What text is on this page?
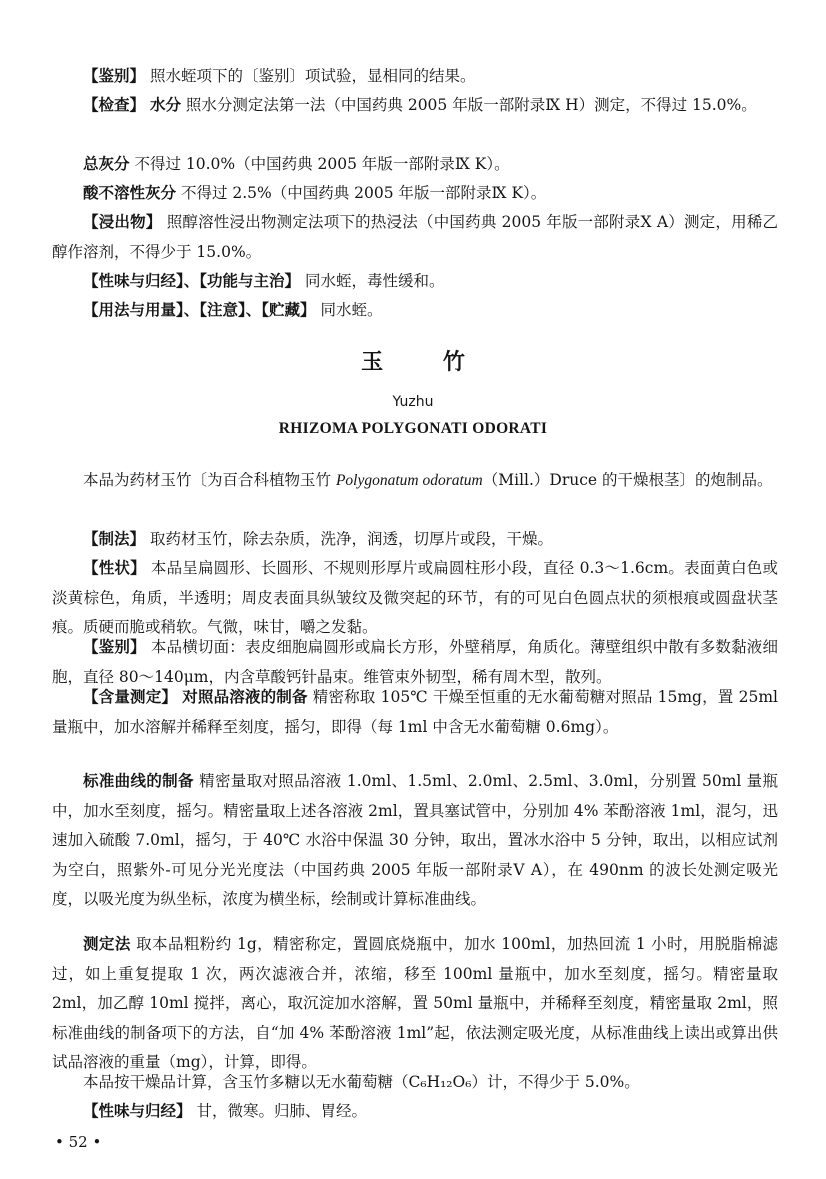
【鉴别】 照水蛭项下的〔鉴别〕项试验，显相同的结果。

【检查】 水分 照水分测定法第一法（中国药典 2005 年版一部附录Ⅸ H）测定，不得过 15.0%。

总灰分 不得过 10.0%（中国药典 2005 年版一部附录Ⅸ K）。

酸不溶性灰分 不得过 2.5%（中国药典 2005 年版一部附录Ⅸ K）。

【浸出物】 照醇溶性浸出物测定法项下的热浸法（中国药典 2005 年版一部附录Ⅹ A）测定，用稀乙醇作溶剂，不得少于 15.0%。

【性味与归经】、【功能与主治】 同水蛭，毒性缓和。

【用法与用量】、【注意】、【贮藏】 同水蛭。

玉 竹
Yuzhu
RHIZOMA POLYGONATI ODORATI

本品为药材玉竹〔为百合科植物玉竹 Polygonatum odoratum（Mill.）Druce 的干燥根茎〕的炮制品。

【制法】 取药材玉竹，除去杂质，洗净，润透，切厚片或段，干燥。

【性状】 本品呈扁圆形、长圆形、不规则形厚片或扁圆柱形小段，直径 0.3～1.6cm。表面黄白色或淡黄棕色，角质，半透明；周皮表面具纵皱纹及微突起的环节，有的可见白色圆点状的须根痕或圆盘状茎痕。质硬而脆或稍软。气微，味甘，嚼之发黏。

【鉴别】 本品横切面：表皮细胞扁圆形或扁长方形，外壁稍厚，角质化。薄壁组织中散有多数黏液细胞，直径 80～140μm，内含草酸钙针晶束。维管束外韧型，稀有周木型，散列。

【含量测定】 对照品溶液的制备 精密称取 105℃ 干燥至恒重的无水葡萄糖对照品 15mg，置 25ml 量瓶中，加水溶解并稀释至刻度，摇匀，即得（每 1ml 中含无水葡萄糖 0.6mg）。

标准曲线的制备 精密量取对照品溶液 1.0ml、1.5ml、2.0ml、2.5ml、3.0ml，分别置 50ml 量瓶中，加水至刻度，摇匀。精密量取上述各溶液 2ml，置具塞试管中，分别加 4% 苯酚溶液 1ml，混匀，迅速加入硫酸 7.0ml，摇匀，于 40℃ 水浴中保温 30 分钟，取出，置冰水浴中 5 分钟，取出，以相应试剂为空白，照紫外-可见分光光度法（中国药典 2005 年版一部附录Ⅴ A），在 490nm 的波长处测定吸光度，以吸光度为纵坐标，浓度为横坐标，绘制或计算标准曲线。

测定法 取本品粗粉约 1g，精密称定，置圆底烧瓶中，加水 100ml，加热回流 1 小时，用脱脂棉滤过，如上重复提取 1 次，两次滤液合并，浓缩，移至 100ml 量瓶中，加水至刻度，摇匀。精密量取 2ml，加乙醇 10ml 搅拌，离心，取沉淀加水溶解，置 50ml 量瓶中，并稀释至刻度，精密量取 2ml，照标准曲线的制备项下的方法，自“加 4% 苯酚溶液 1ml”起，依法测定吸光度，从标准曲线上读出或算出供试品溶液的重量（mg），计算，即得。

本品按干燥品计算，含玉竹多糖以无水葡萄糖（C₆H₁₂O₆）计，不得少于 5.0%。

【性味与归经】 甘，微寒。归肺、胃经。

• 52 •
